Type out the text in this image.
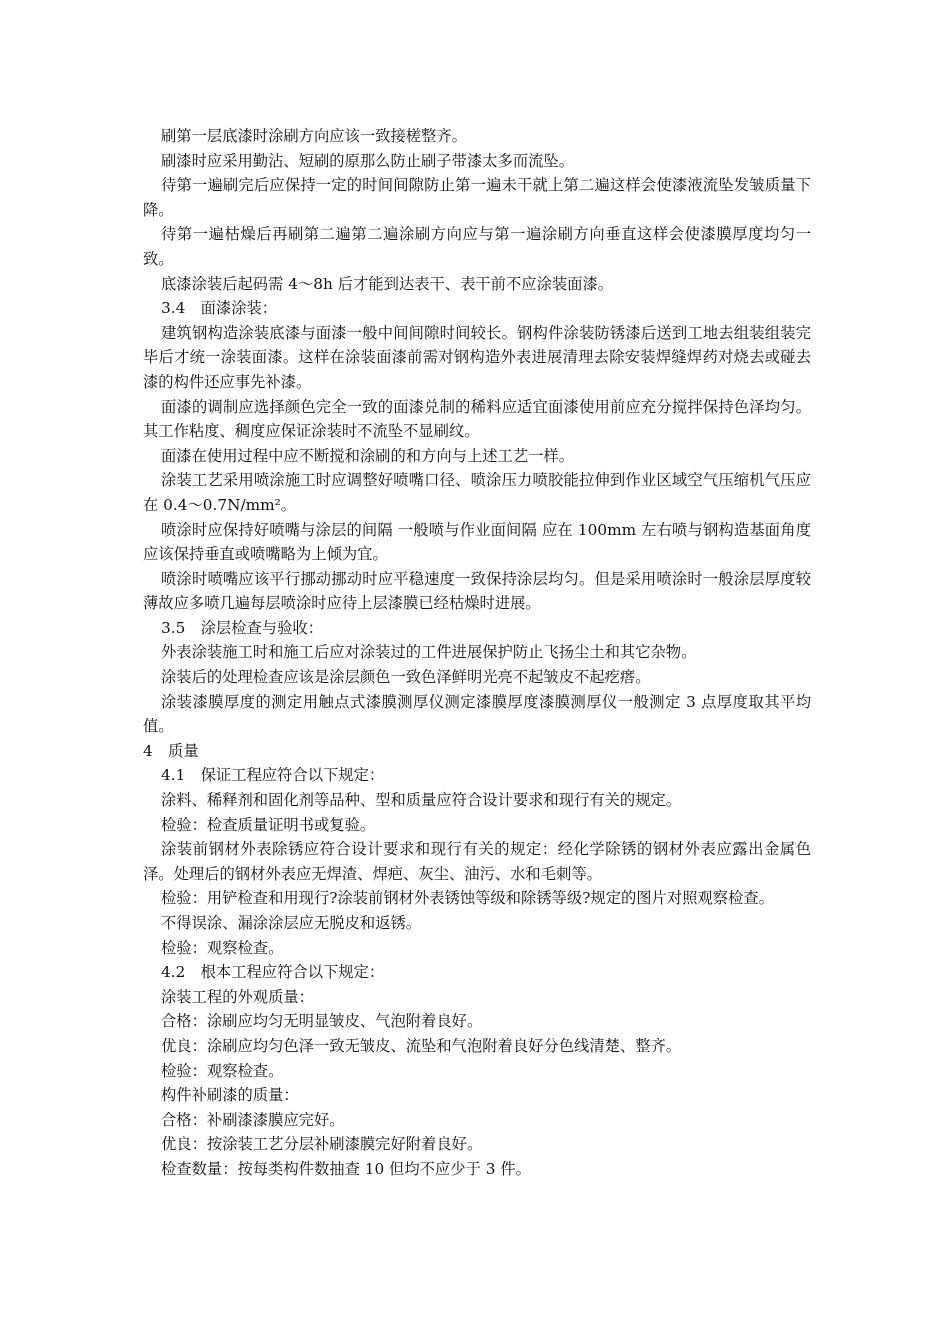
刷第一层底漆时涂刷方向应该一致接槎整齐。

刷漆时应采用勤沾、短刷的原那么防止刷子带漆太多而流坠。

待第一遍刷完后应保持一定的时间间隙防止第一遍未干就上第二遍这样会使漆液流坠发皱质量下降。

待第一遍枯燥后再刷第二遍第二遍涂刷方向应与第一遍涂刷方向垂直这样会使漆膜厚度均匀一致。

底漆涂装后起码需 4～8h 后才能到达表干、表干前不应涂装面漆。

3.4　面漆涂装：

建筑钢构造涂装底漆与面漆一般中间间隙时间较长。钢构件涂装防锈漆后送到工地去组装组装完毕后才统一涂装面漆。这样在涂装面漆前需对钢构造外表进展清理去除安装焊缝焊药对烧去或碰去漆的构件还应事先补漆。

面漆的调制应选择颜色完全一致的面漆兑制的稀料应适宜面漆使用前应充分搅拌保持色泽均匀。其工作粘度、稠度应保证涂装时不流坠不显刷纹。

面漆在使用过程中应不断搅和涂刷的和方向与上述工艺一样。

涂装工艺采用喷涂施工时应调整好喷嘴口径、喷涂压力喷胶能拉伸到作业区域空气压缩机气压应在 0.4～0.7N/mm²。

喷涂时应保持好喷嘴与涂层的间隔 一般喷与作业面间隔 应在 100mm 左右喷与钢构造基面角度应该保持垂直或喷嘴略为上倾为宜。

喷涂时喷嘴应该平行挪动挪动时应平稳速度一致保持涂层均匀。但是采用喷涂时一般涂层厚度较薄故应多喷几遍每层喷涂时应待上层漆膜已经枯燥时进展。

3.5　涂层检查与验收：

外表涂装施工时和施工后应对涂装过的工件进展保护防止飞扬尘土和其它杂物。

涂装后的处理检查应该是涂层颜色一致色泽鲜明光亮不起皱皮不起疙瘩。

涂装漆膜厚度的测定用触点式漆膜测厚仪测定漆膜厚度漆膜测厚仪一般测定 3 点厚度取其平均值。

4　质量

4.1　保证工程应符合以下规定：

涂料、稀释剂和固化剂等品种、型和质量应符合设计要求和现行有关的规定。

检验：检查质量证明书或复验。

涂装前钢材外表除锈应符合设计要求和现行有关的规定：经化学除锈的钢材外表应露出金属色泽。处理后的钢材外表应无焊渣、焊疤、灰尘、油污、水和毛刺等。

检验：用铲检查和用现行?涂装前钢材外表锈蚀等级和除锈等级?规定的图片对照观察检查。

不得误涂、漏涂涂层应无脱皮和返锈。

检验：观察检查。

4.2　根本工程应符合以下规定：

涂装工程的外观质量：

合格：涂刷应均匀无明显皱皮、气泡附着良好。

优良：涂刷应均匀色泽一致无皱皮、流坠和气泡附着良好分色线清楚、整齐。

检验：观察检查。

构件补刷漆的质量：

合格：补刷漆漆膜应完好。

优良：按涂装工艺分层补刷漆膜完好附着良好。

检查数量：按每类构件数抽查 10 但均不应少于 3 件。
